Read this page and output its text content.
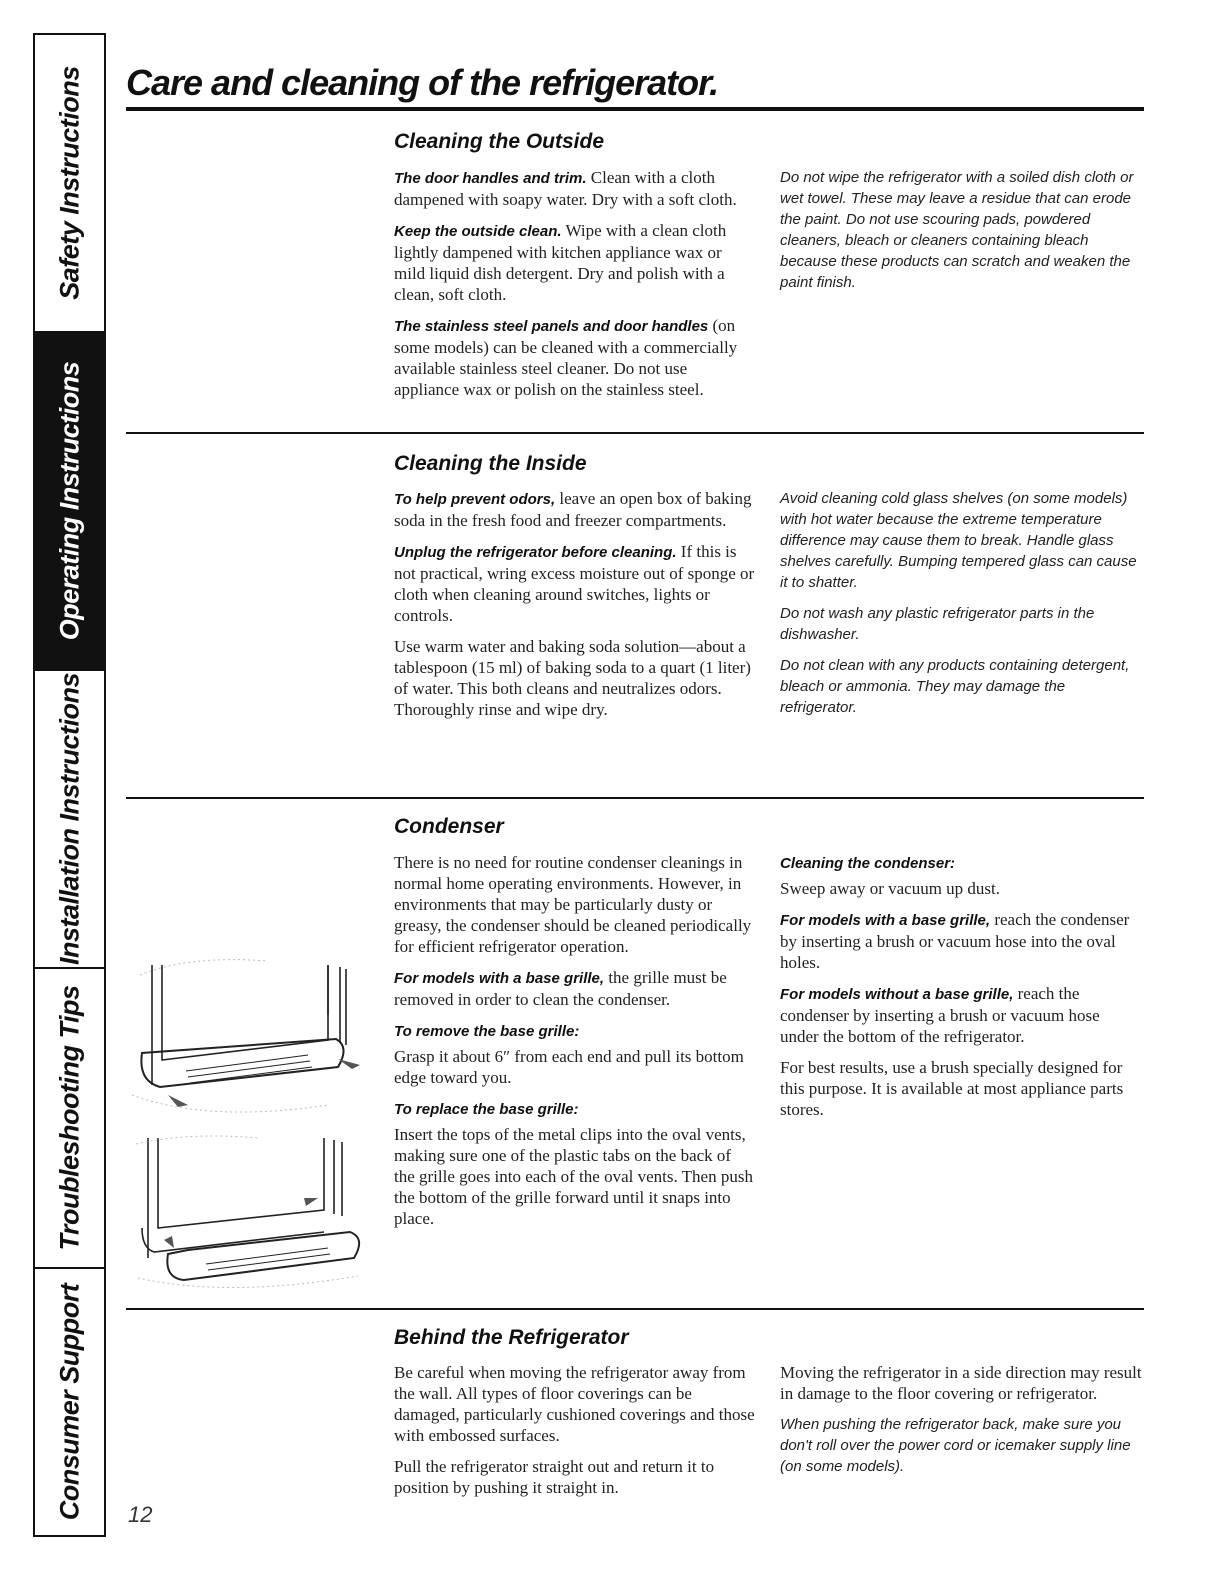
Safety Instructions
Operating Instructions
Installation Instructions
Troubleshooting Tips
Consumer Support
Care and cleaning of the refrigerator.
Cleaning the Outside

The door handles and trim. Clean with a cloth dampened with soapy water. Dry with a soft cloth.

Keep the outside clean. Wipe with a clean cloth lightly dampened with kitchen appliance wax or mild liquid dish detergent. Dry and polish with a clean, soft cloth.

The stainless steel panels and door handles (on some models) can be cleaned with a commercially available stainless steel cleaner. Do not use appliance wax or polish on the stainless steel.

Do not wipe the refrigerator with a soiled dish cloth or wet towel. These may leave a residue that can erode the paint. Do not use scouring pads, powdered cleaners, bleach or cleaners containing bleach because these products can scratch and weaken the paint finish.

Cleaning the Inside

To help prevent odors, leave an open box of baking soda in the fresh food and freezer compartments.

Unplug the refrigerator before cleaning. If this is not practical, wring excess moisture out of sponge or cloth when cleaning around switches, lights or controls.

Use warm water and baking soda solution—about a tablespoon (15 ml) of baking soda to a quart (1 liter) of water. This both cleans and neutralizes odors. Thoroughly rinse and wipe dry.

Avoid cleaning cold glass shelves (on some models) with hot water because the extreme temperature difference may cause them to break. Handle glass shelves carefully. Bumping tempered glass can cause it to shatter.

Do not wash any plastic refrigerator parts in the dishwasher.

Do not clean with any products containing detergent, bleach or ammonia. They may damage the refrigerator.

Condenser

There is no need for routine condenser cleanings in normal home operating environments. However, in environments that may be particularly dusty or greasy, the condenser should be cleaned periodically for efficient refrigerator operation.

For models with a base grille, the grille must be removed in order to clean the condenser.

To remove the base grille:

Grasp it about 6″ from each end and pull its bottom edge toward you.

To replace the base grille:

Insert the tops of the metal clips into the oval vents, making sure one of the plastic tabs on the back of the grille goes into each of the oval vents. Then push the bottom of the grille forward until it snaps into place.

Cleaning the condenser:

Sweep away or vacuum up dust.

For models with a base grille, reach the condenser by inserting a brush or vacuum hose into the oval holes.

For models without a base grille, reach the condenser by inserting a brush or vacuum hose under the bottom of the refrigerator.

For best results, use a brush specially designed for this purpose. It is available at most appliance parts stores.

Behind the Refrigerator

Be careful when moving the refrigerator away from the wall. All types of floor coverings can be damaged, particularly cushioned coverings and those with embossed surfaces.

Pull the refrigerator straight out and return it to position by pushing it straight in.

Moving the refrigerator in a side direction may result in damage to the floor covering or refrigerator.

When pushing the refrigerator back, make sure you don't roll over the power cord or icemaker supply line (on some models).

12
